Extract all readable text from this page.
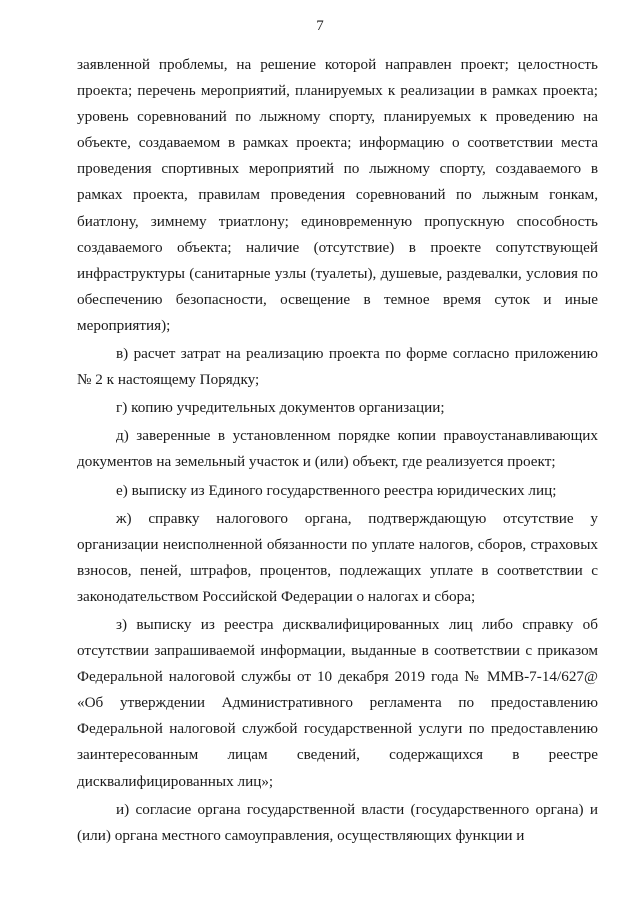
7

заявленной проблемы, на решение которой направлен проект; целостность проекта; перечень мероприятий, планируемых к реализации в рамках проекта; уровень соревнований по лыжному спорту, планируемых к проведению на объекте, создаваемом в рамках проекта; информацию о соответствии места проведения спортивных мероприятий по лыжному спорту, создаваемого в рамках проекта, правилам проведения соревнований по лыжным гонкам, биатлону, зимнему триатлону; единовременную пропускную способность создаваемого объекта; наличие (отсутствие) в проекте сопутствующей инфраструктуры (санитарные узлы (туалеты), душевые, раздевалки, условия по обеспечению безопасности, освещение в темное время суток и иные мероприятия);

в) расчет затрат на реализацию проекта по форме согласно приложению № 2 к настоящему Порядку;

г) копию учредительных документов организации;

д) заверенные в установленном порядке копии правоустанавливающих документов на земельный участок и (или) объект, где реализуется проект;

е) выписку из Единого государственного реестра юридических лиц;

ж) справку налогового органа, подтверждающую отсутствие у организации неисполненной обязанности по уплате налогов, сборов, страховых взносов, пеней, штрафов, процентов, подлежащих уплате в соответствии с законодательством Российской Федерации о налогах и сбора;

з) выписку из реестра дисквалифицированных лиц либо справку об отсутствии запрашиваемой информации, выданные в соответствии с приказом Федеральной налоговой службы от 10 декабря 2019 года № ММВ-7-14/627@ «Об утверждении Административного регламента по предоставлению Федеральной налоговой службой государственной услуги по предоставлению заинтересованным лицам сведений, содержащихся в реестре дисквалифицированных лиц»;

и) согласие органа государственной власти (государственного органа) и (или) органа местного самоуправления, осуществляющих функции и
